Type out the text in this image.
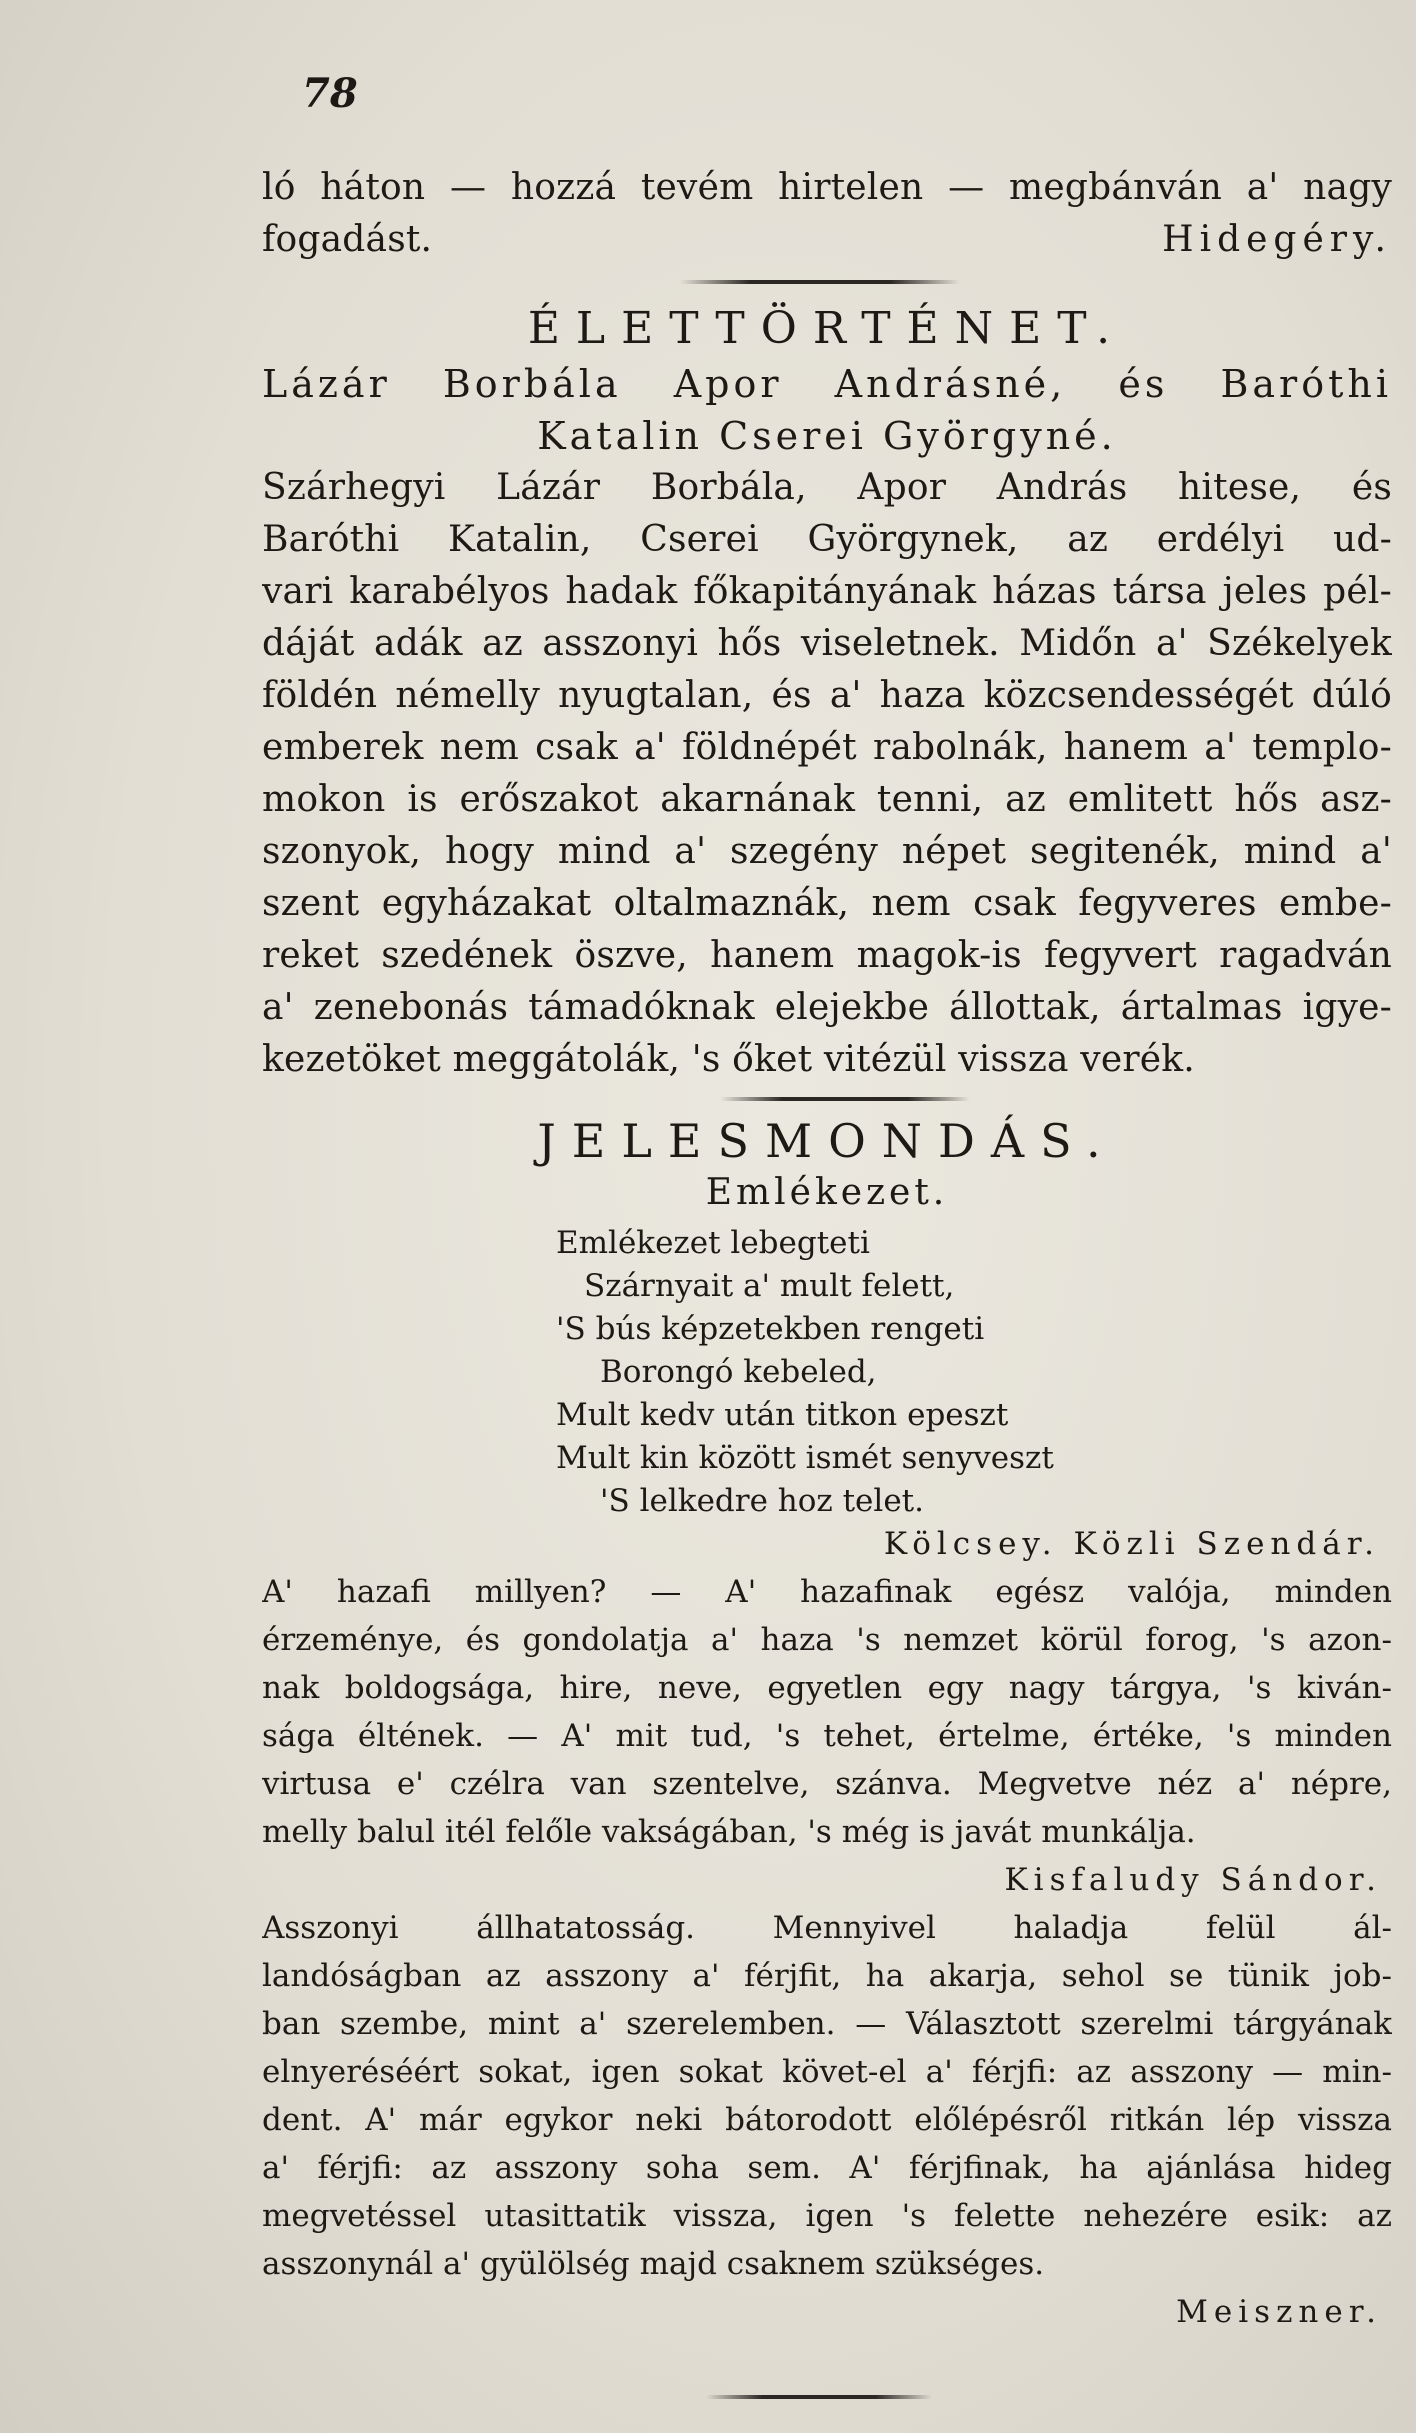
78
ló háton — hozzá tevém hirtelen — megbánván a' nagy
fogadást.	Hidegéry.
ÉLETTÖRTÉNET.
Lázár Borbála Apor Andrásné, és Baróthi
Katalin Cserei Györgyné.
Szárhegyi Lázár Borbála, Apor András hitese, és
Baróthi Katalin, Cserei Györgynek, az erdélyi ud-
vari karabélyos hadak főkapitányának házas társa jeles pél-
dáját adák az asszonyi hős viseletnek. Midőn a' Székelyek
földén némelly nyugtalan, és a' haza közcsendességét dúló
emberek nem csak a' földnépét rabolnák, hanem a' templo-
mokon is erőszakot akarnának tenni, az emlitett hős asz-
szonyok, hogy mind a' szegény népet segitenék, mind a'
szent egyházakat oltalmaznák, nem csak fegyveres embe-
reket szedének öszve, hanem magok-is fegyvert ragadván
a' zenebonás támadóknak elejekbe állottak, ártalmas igye-
kezetöket meggátolák, 's őket vitézül vissza verék.
JELESMONDÁS.
Emlékezet.
Emlékezet lebegteti
Szárnyait a' mult felett,
'S bús képzetekben rengeti
Borongó kebeled,
Mult kedv után titkon epeszt
Mult kin között ismét senyveszt
'S lelkedre hoz telet.
Kölcsey. Közli Szendár.
A' hazafi millyen? — A' hazafinak egész valója, minden
érzeménye, és gondolatja a' haza 's nemzet körül forog, 's azon-
nak boldogsága, hire, neve, egyetlen egy nagy tárgya, 's kiván-
sága éltének. — A' mit tud, 's tehet, értelme, értéke, 's minden
virtusa e' czélra van szentelve, szánva. Megvetve néz a' népre,
melly balul itél felőle vakságában, 's még is javát munkálja.
Kisfaludy Sándor.
Asszonyi állhatatosság. Mennyivel haladja felül ál-
landóságban az asszony a' férjfit, ha akarja, sehol se tünik job-
ban szembe, mint a' szerelemben. — Választott szerelmi tárgyának
elnyeréséért sokat, igen sokat követ-el a' férjfi: az asszony — min-
dent. A' már egykor neki bátorodott előlépésről ritkán lép vissza
a' férjfi: az asszony soha sem. A' férjfinak, ha ajánlása hideg
megvetéssel utasittatik vissza, igen 's felette nehezére esik: az
asszonynál a' gyülölség majd csaknem szükséges.
Meiszner.
